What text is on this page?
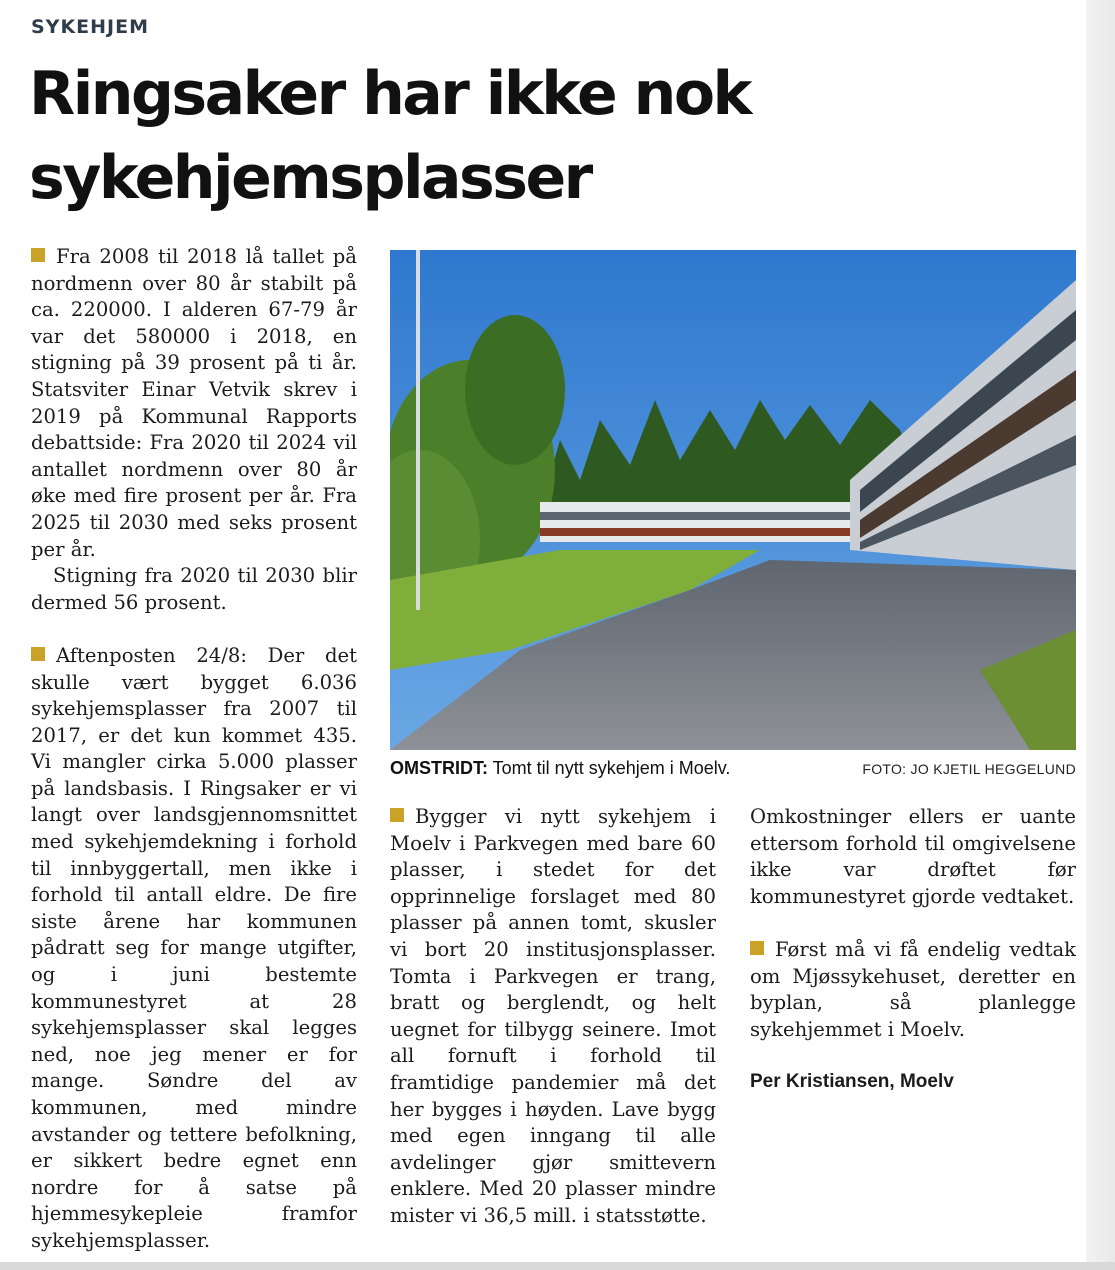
SYKEHJEM
Ringsaker har ikke nok sykehjemsplasser

Fra 2008 til 2018 lå tallet på nordmenn over 80 år stabilt på ca. 220000. I alderen 67-79 år var det 580000 i 2018, en stigning på 39 prosent på ti år. Statsviter Einar Vetvik skrev i 2019 på Kommunal Rapports debattside: Fra 2020 til 2024 vil antallet nordmenn over 80 år øke med fire prosent per år. Fra 2025 til 2030 med seks prosent per år.

Stigning fra 2020 til 2030 blir dermed 56 prosent.

Aftenposten 24/8: Der det skulle vært bygget 6.036 sykehjemsplasser fra 2007 til 2017, er det kun kommet 435. Vi mangler cirka 5.000 plasser på landsbasis. I Ringsaker er vi langt over landsgjennomsnittet med sykehjemdekning i forhold til innbyggertall, men ikke i forhold til antall eldre. De fire siste årene har kommunen pådratt seg for mange utgifter, og i juni bestemte kommunestyret at 28 sykehjemsplasser skal legges ned, noe jeg mener er for mange. Søndre del av kommunen, med mindre avstander og tettere befolkning, er sikkert bedre egnet enn nordre for å satse på hjemmesykepleie framfor sykehjemsplasser.

OMSTRIDT: Tomt til nytt sykehjem i Moelv.	FOTO: JO KJETIL HEGGELUND

Bygger vi nytt sykehjem i Moelv i Parkvegen med bare 60 plasser, i stedet for det opprinnelige forslaget med 80 plasser på annen tomt, skusler vi bort 20 institusjonsplasser. Tomta i Parkvegen er trang, bratt og berglendt, og helt uegnet for tilbygg seinere. Imot all fornuft i forhold til framtidige pandemier må det her bygges i høyden. Lave bygg med egen inngang til alle avdelinger gjør smittevern enklere. Med 20 plasser mindre mister vi 36,5 mill. i statsstøtte.

Omkostninger ellers er uante ettersom forhold til omgivelsene ikke var drøftet før kommunestyret gjorde vedtaket.

Først må vi få endelig vedtak om Mjøssykehuset, deretter en byplan, så planlegge sykehjemmet i Moelv.

Per Kristiansen, Moelv
